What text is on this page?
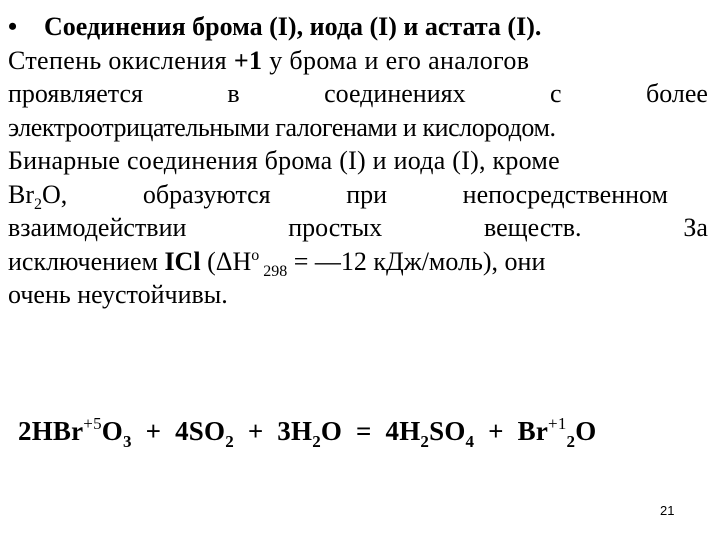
• Соединения брома (I), иода (I) и астата (I).
Степень окисления +1 у брома и его аналогов
проявляется	в	соединениях	с	более
электроотрицательными галогенами и кислородом.
Бинарные соединения брома (I) и иода (I), кроме
$Br_2O$,	образуются	при	непосредственном
взаимодействии	простых	веществ.	За
исключением ICl ($\Delta H^o$ $_{298}$ = —12 кДж/моль), они
очень неустойчивы.
$2HBr^{+5}O_3 + 4SO_2 + 3H_2O = 4H_2SO_4 + Br^{+1}_2O$
21
